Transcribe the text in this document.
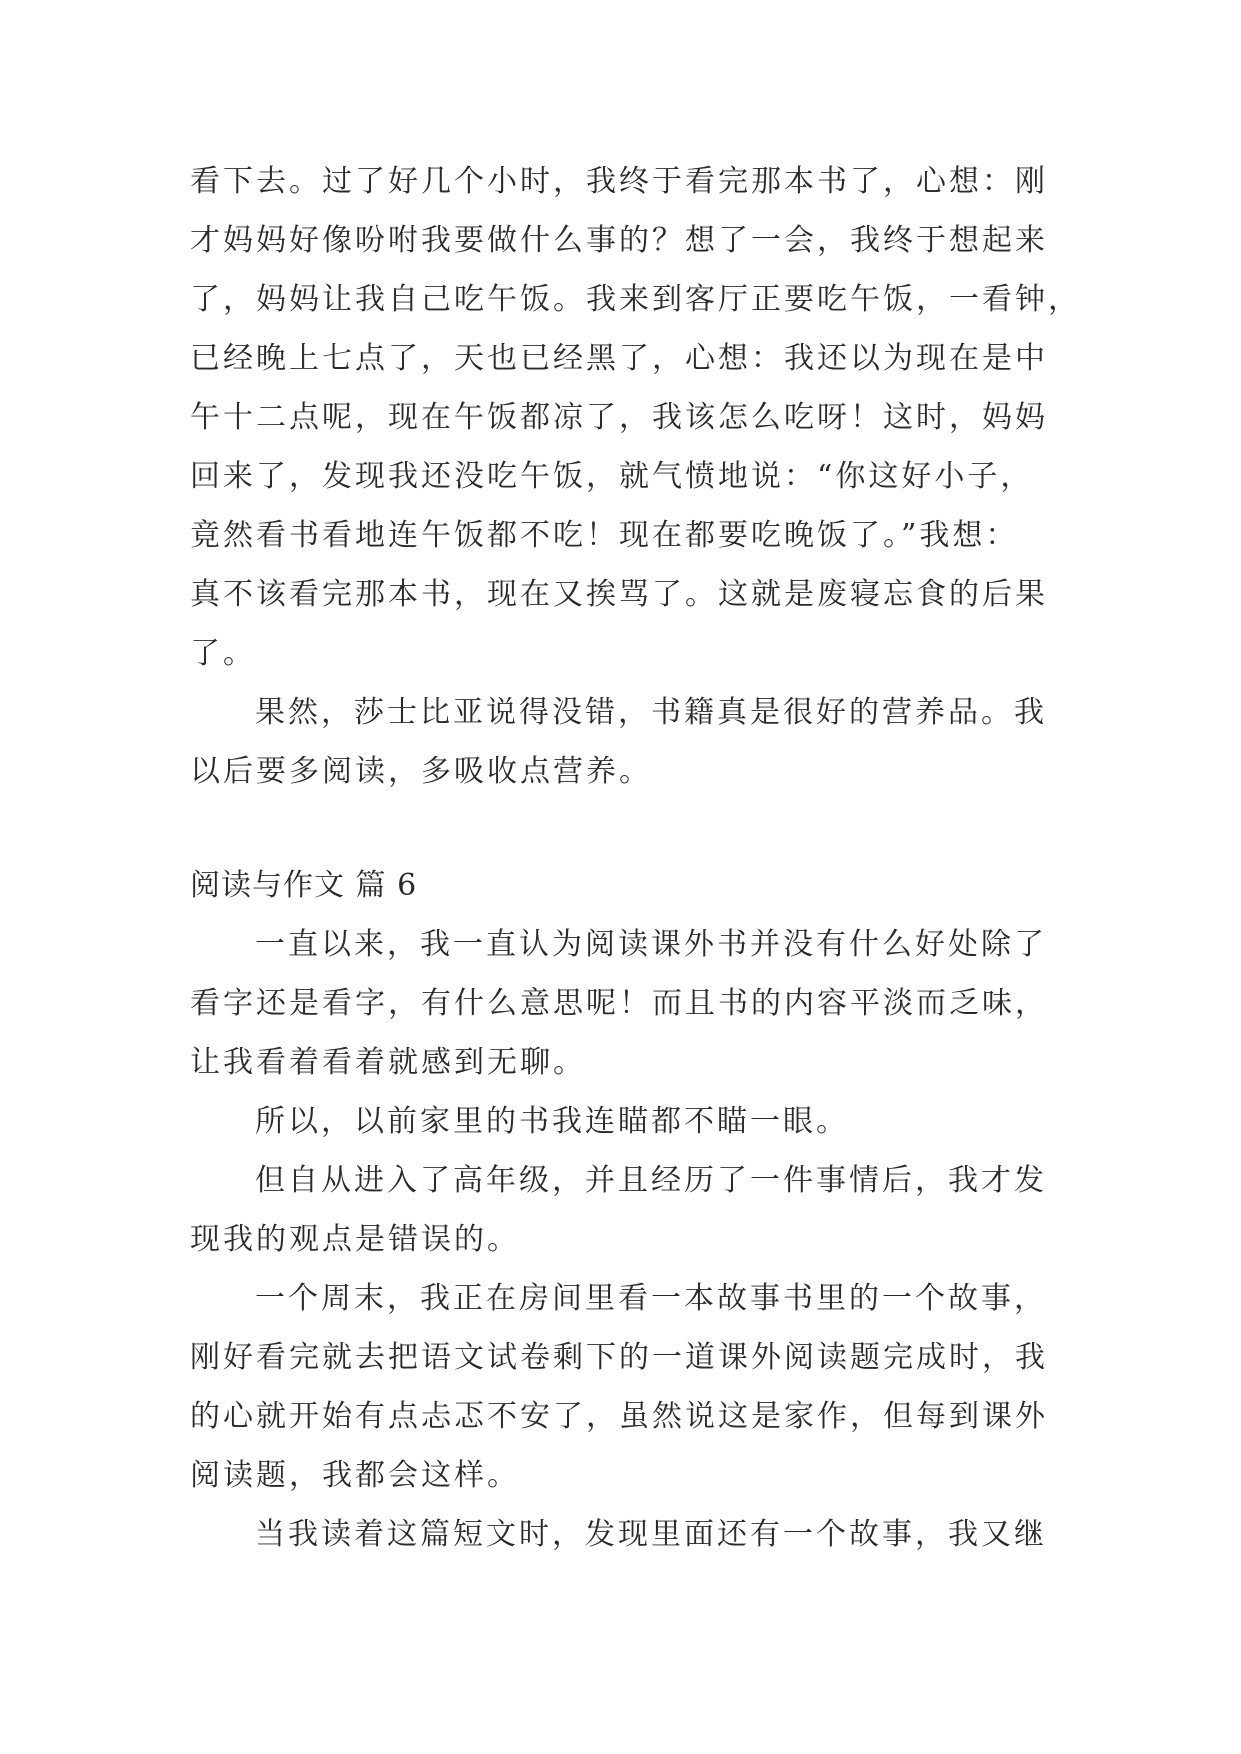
看下去。过了好几个小时，我终于看完那本书了，心想：刚
才妈妈好像吩咐我要做什么事的？想了一会，我终于想起来
了，妈妈让我自己吃午饭。我来到客厅正要吃午饭，一看钟，
已经晚上七点了，天也已经黑了，心想：我还以为现在是中
午十二点呢，现在午饭都凉了，我该怎么吃呀！这时，妈妈
回来了，发现我还没吃午饭，就气愤地说：“你这好小子，
竟然看书看地连午饭都不吃！现在都要吃晚饭了。”我想：
真不该看完那本书，现在又挨骂了。这就是废寝忘食的后果
了。
果然，莎士比亚说得没错，书籍真是很好的营养品。我
以后要多阅读，多吸收点营养。
阅读与作文 篇 6
一直以来，我一直认为阅读课外书并没有什么好处除了
看字还是看字，有什么意思呢！而且书的内容平淡而乏味，
让我看着看着就感到无聊。
所以，以前家里的书我连瞄都不瞄一眼。
但自从进入了高年级，并且经历了一件事情后，我才发
现我的观点是错误的。
一个周末，我正在房间里看一本故事书里的一个故事，
刚好看完就去把语文试卷剩下的一道课外阅读题完成时，我
的心就开始有点忐忑不安了，虽然说这是家作，但每到课外
阅读题，我都会这样。
当我读着这篇短文时，发现里面还有一个故事，我又继
